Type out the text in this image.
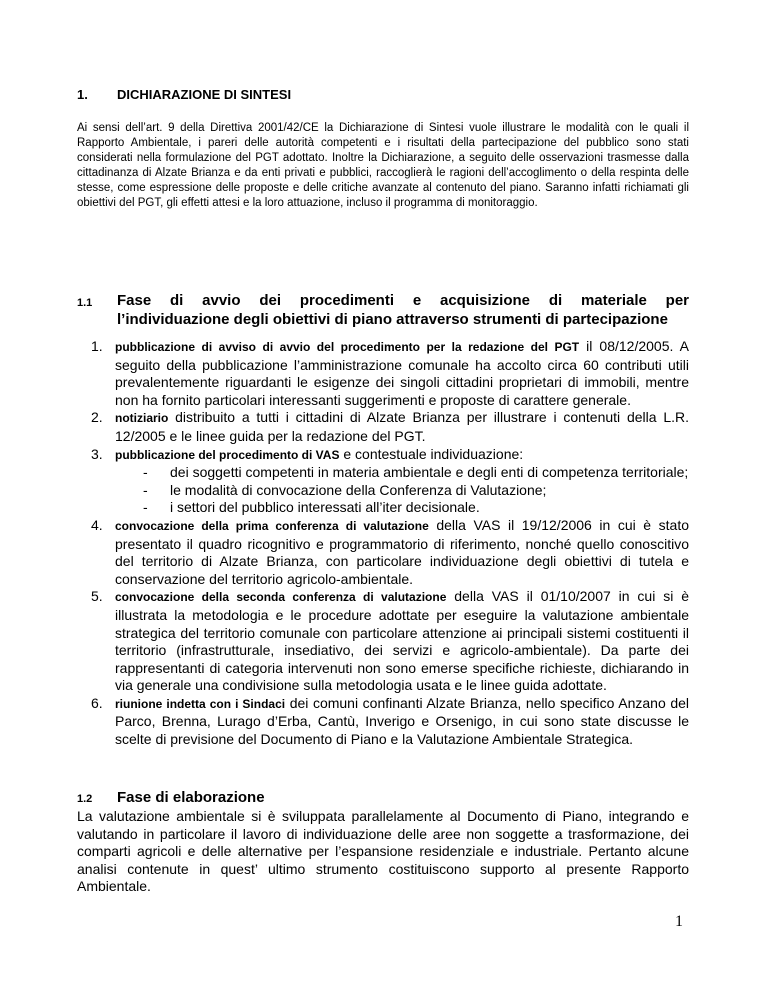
1. DICHIARAZIONE DI SINTESI
Ai sensi dell’art. 9 della Direttiva 2001/42/CE la Dichiarazione di Sintesi vuole illustrare le modalità con le quali il Rapporto Ambientale, i pareri delle autorità competenti e i risultati della partecipazione del pubblico sono stati considerati nella formulazione del PGT adottato. Inoltre la Dichiarazione, a seguito delle osservazioni trasmesse dalla cittadinanza di Alzate Brianza e da enti privati e pubblici, raccoglierà le ragioni dell’accoglimento o della respinta delle stesse, come espressione delle proposte e delle critiche avanzate al contenuto del piano. Saranno infatti richiamati gli obiettivi del PGT, gli effetti attesi e la loro attuazione, incluso il programma di monitoraggio.
1.1 Fase di avvio dei procedimenti e acquisizione di materiale per
l’individuazione degli obiettivi di piano attraverso strumenti di partecipazione
1. pubblicazione di avviso di avvio del procedimento per la redazione del PGT il 08/12/2005. A seguito della pubblicazione l’amministrazione comunale ha accolto circa 60 contributi utili prevalentemente riguardanti le esigenze dei singoli cittadini proprietari di immobili, mentre non ha fornito particolari interessanti suggerimenti e proposte di carattere generale.
2. notiziario distribuito a tutti i cittadini di Alzate Brianza per illustrare i contenuti della L.R. 12/2005 e le linee guida per la redazione del PGT.
3. pubblicazione del procedimento di VAS e contestuale individuazione:
- dei soggetti competenti in materia ambientale e degli enti di competenza territoriale;
- le modalità di convocazione della Conferenza di Valutazione;
- i settori del pubblico interessati all’iter decisionale.
4. convocazione della prima conferenza di valutazione della VAS il 19/12/2006 in cui è stato presentato il quadro ricognitivo e programmatorio di riferimento, nonché quello conoscitivo del territorio di Alzate Brianza, con particolare individuazione degli obiettivi di tutela e conservazione del territorio agricolo-ambientale.
5. convocazione della seconda conferenza di valutazione della VAS il 01/10/2007 in cui si è illustrata la metodologia e le procedure adottate per eseguire la valutazione ambientale strategica del territorio comunale con particolare attenzione ai principali sistemi costituenti il territorio (infrastrutturale, insediativo, dei servizi e agricolo-ambientale). Da parte dei rappresentanti di categoria intervenuti non sono emerse specifiche richieste, dichiarando in via generale una condivisione sulla metodologia usata e le linee guida adottate.
6. riunione indetta con i Sindaci dei comuni confinanti Alzate Brianza, nello specifico Anzano del Parco, Brenna, Lurago d’Erba, Cantù, Inverigo e Orsenigo, in cui sono state discusse le scelte di previsione del Documento di Piano e la Valutazione Ambientale Strategica.
1.2 Fase di elaborazione
La valutazione ambientale si è sviluppata parallelamente al Documento di Piano, integrando e valutando in particolare il lavoro di individuazione delle aree non soggette a trasformazione, dei comparti agricoli e delle alternative per l’espansione residenziale e industriale. Pertanto alcune analisi contenute in quest’ ultimo strumento costituiscono supporto al presente Rapporto Ambientale.
1
